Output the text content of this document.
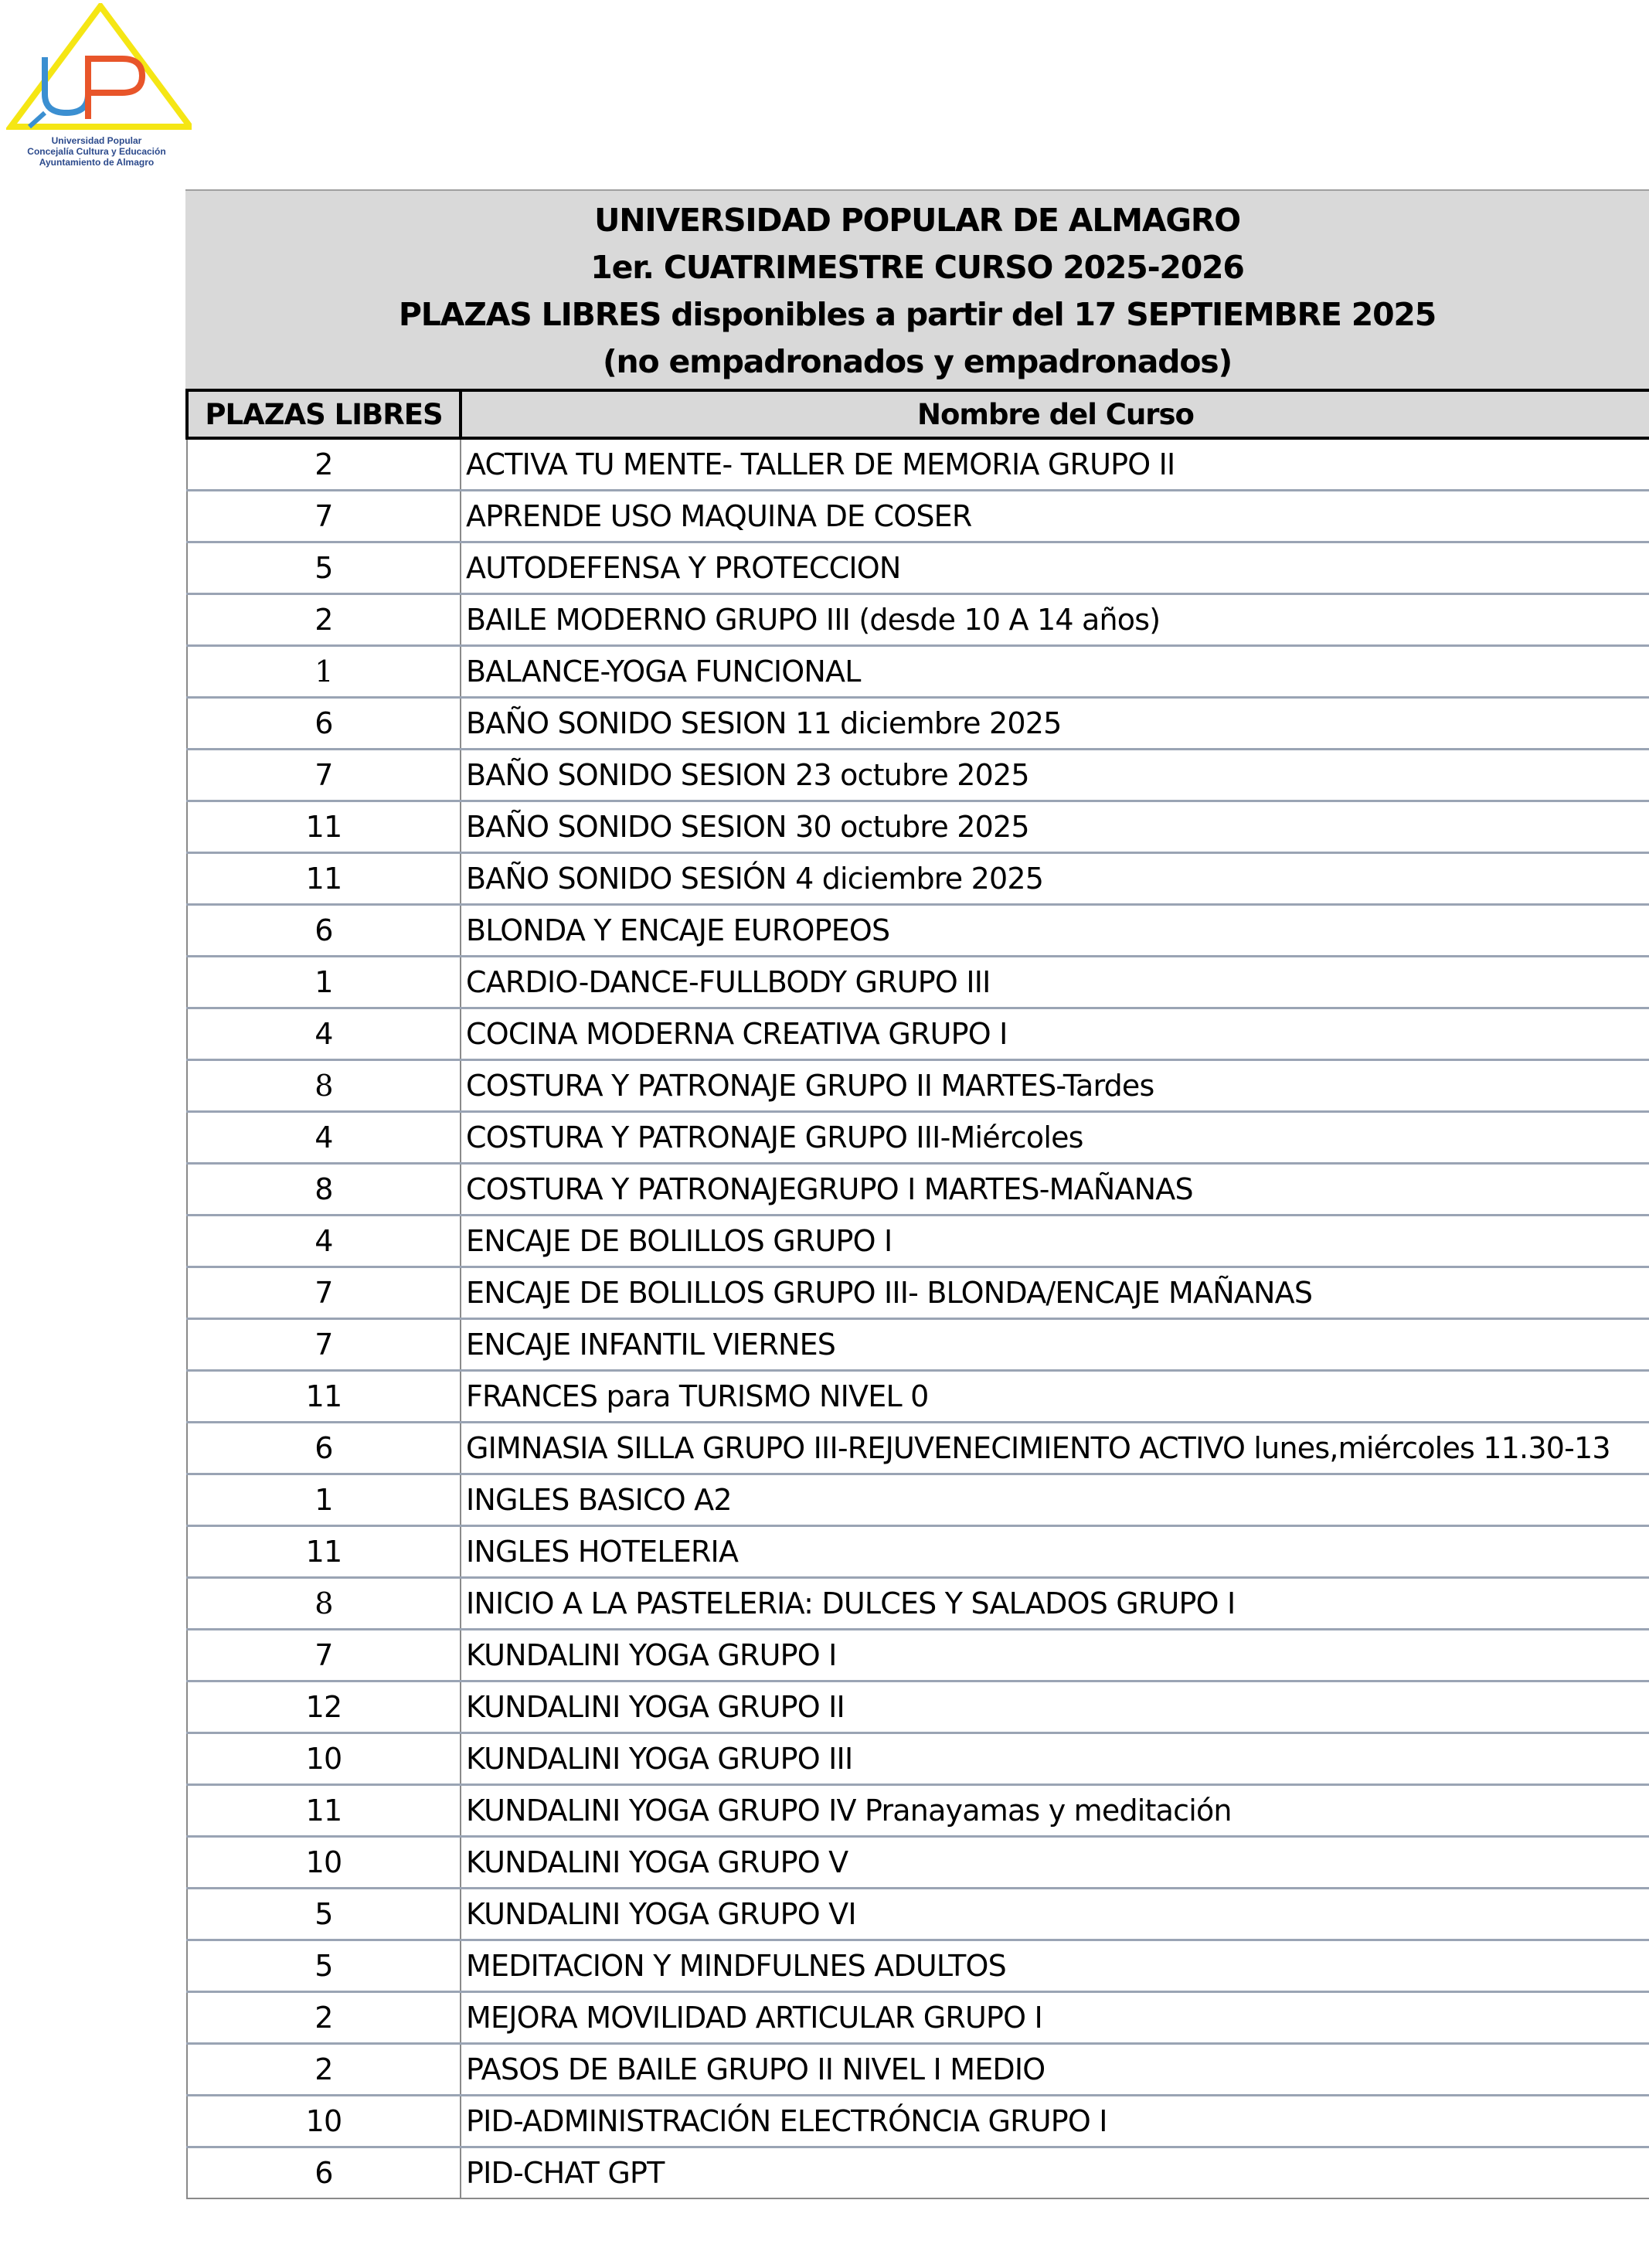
Universidad Popular
Concejalía Cultura y Educación
Ayuntamiento de Almagro
UNIVERSIDAD POPULAR DE ALMAGRO
1er. CUATRIMESTRE CURSO 2025-2026
PLAZAS LIBRES disponibles a partir del 17 SEPTIEMBRE 2025
(no empadronados y empadronados)
PLAZAS LIBRES	Nombre del Curso
2	ACTIVA TU MENTE- TALLER DE MEMORIA GRUPO II
7	APRENDE USO MAQUINA DE COSER
5	AUTODEFENSA Y PROTECCION
2	BAILE MODERNO GRUPO III (desde 10 A 14 años)
1	BALANCE-YOGA FUNCIONAL
6	BAÑO SONIDO SESION 11 diciembre 2025
7	BAÑO SONIDO SESION 23 octubre 2025
11	BAÑO SONIDO SESION 30 octubre 2025
11	BAÑO SONIDO SESIÓN 4 diciembre 2025
6	BLONDA Y ENCAJE EUROPEOS
1	CARDIO-DANCE-FULLBODY GRUPO III
4	COCINA MODERNA CREATIVA GRUPO I
8	COSTURA Y PATRONAJE GRUPO II MARTES-Tardes
4	COSTURA Y PATRONAJE GRUPO III-Miércoles
8	COSTURA Y PATRONAJEGRUPO I MARTES-MAÑANAS
4	ENCAJE DE BOLILLOS GRUPO I
7	ENCAJE DE BOLILLOS GRUPO III- BLONDA/ENCAJE MAÑANAS
7	ENCAJE INFANTIL VIERNES
11	FRANCES para TURISMO NIVEL 0
6	GIMNASIA SILLA GRUPO III-REJUVENECIMIENTO ACTIVO lunes,miércoles 11.30-13
1	INGLES BASICO A2
11	INGLES HOTELERIA
8	INICIO A LA PASTELERIA: DULCES Y SALADOS GRUPO I
7	KUNDALINI YOGA GRUPO I
12	KUNDALINI YOGA GRUPO II
10	KUNDALINI YOGA GRUPO III
11	KUNDALINI YOGA GRUPO IV Pranayamas y meditación
10	KUNDALINI YOGA GRUPO V
5	KUNDALINI YOGA GRUPO VI
5	MEDITACION Y MINDFULNES ADULTOS
2	MEJORA MOVILIDAD ARTICULAR GRUPO I
2	PASOS DE BAILE GRUPO II NIVEL I MEDIO
10	PID-ADMINISTRACIÓN ELECTRÓNCIA GRUPO I
6	PID-CHAT GPT
